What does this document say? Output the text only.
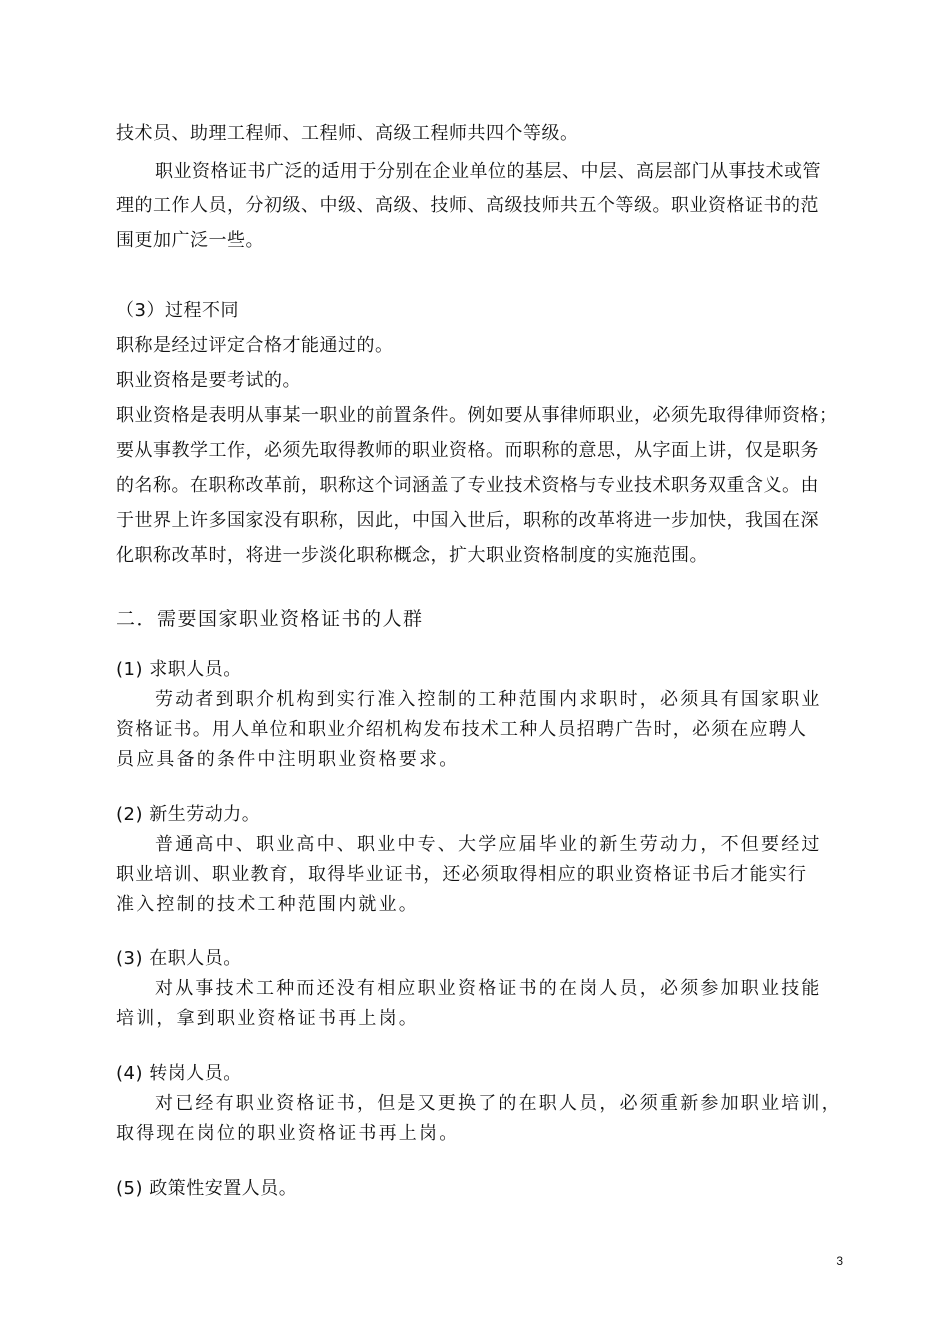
技术员、助理工程师、工程师、高级工程师共四个等级。
职业资格证书广泛的适用于分别在企业单位的基层、中层、高层部门从事技术或管
理的工作人员，分初级、中级、高级、技师、高级技师共五个等级。职业资格证书的范
围更加广泛一些。
（3）过程不同
职称是经过评定合格才能通过的。
职业资格是要考试的。
职业资格是表明从事某一职业的前置条件。例如要从事律师职业，必须先取得律师资格；
要从事教学工作，必须先取得教师的职业资格。而职称的意思，从字面上讲，仅是职务
的名称。在职称改革前，职称这个词涵盖了专业技术资格与专业技术职务双重含义。由
于世界上许多国家没有职称，因此，中国入世后，职称的改革将进一步加快，我国在深
化职称改革时，将进一步淡化职称概念，扩大职业资格制度的实施范围。
二．需要国家职业资格证书的人群
(1) 求职人员。
劳动者到职介机构到实行准入控制的工种范围内求职时，必须具有国家职业
资格证书。用人单位和职业介绍机构发布技术工种人员招聘广告时，必须在应聘人
员应具备的条件中注明职业资格要求。
(2) 新生劳动力。
普通高中、职业高中、职业中专、大学应届毕业的新生劳动力，不但要经过
职业培训、职业教育，取得毕业证书，还必须取得相应的职业资格证书后才能实行
准入控制的技术工种范围内就业。
(3) 在职人员。
对从事技术工种而还没有相应职业资格证书的在岗人员，必须参加职业技能
培训，拿到职业资格证书再上岗。
(4) 转岗人员。
对已经有职业资格证书，但是又更换了的在职人员，必须重新参加职业培训，
取得现在岗位的职业资格证书再上岗。
(5) 政策性安置人员。
3
